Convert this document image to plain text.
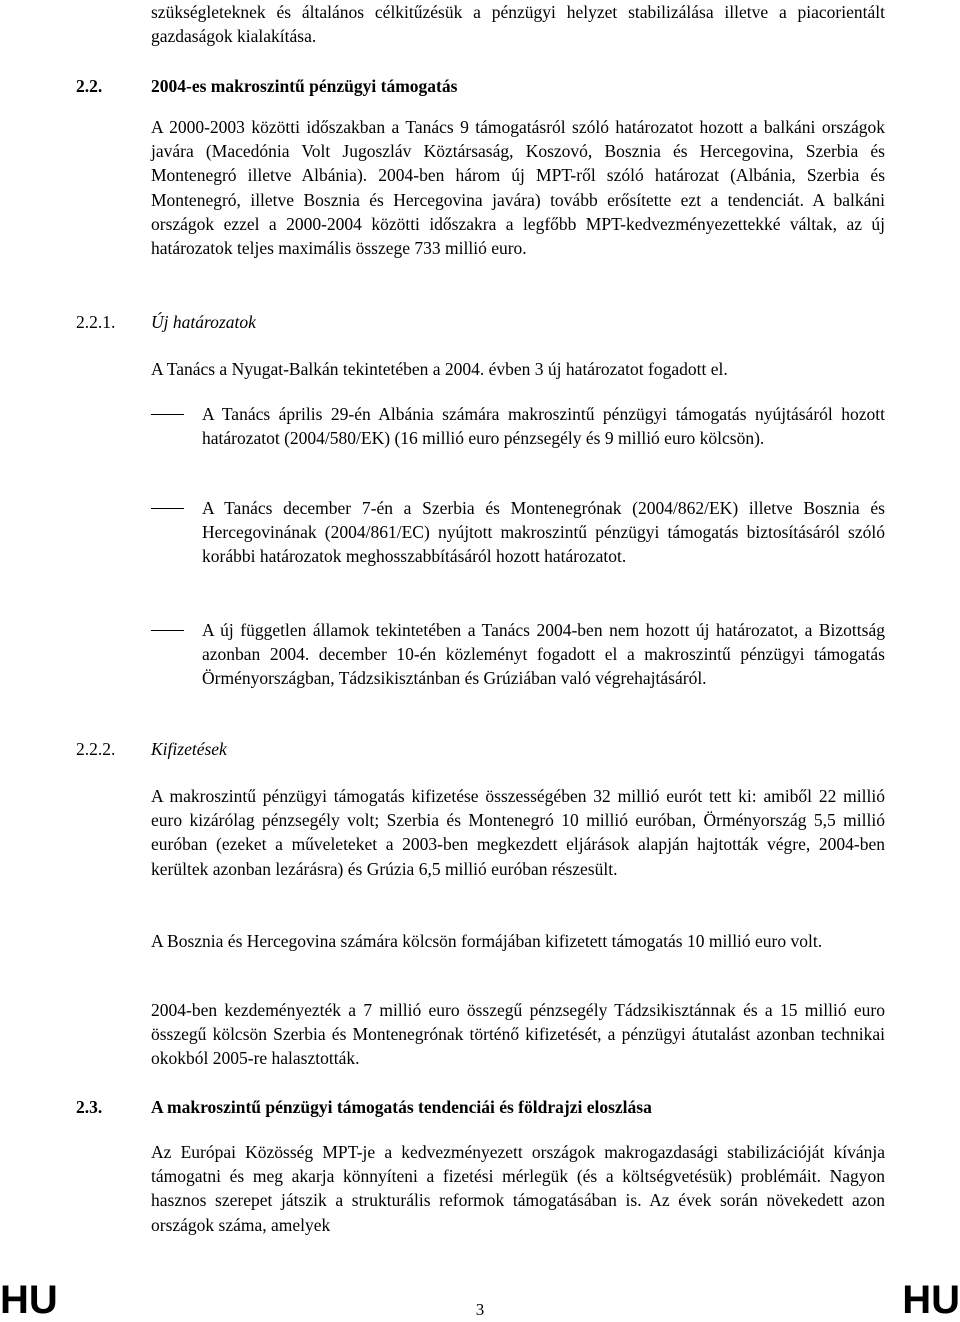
szükségleteknek és általános célkitűzésük a pénzügyi helyzet stabilizálása illetve a piacorientált gazdaságok kialakítása.

2.2.	2004-es makroszintű pénzügyi támogatás

A 2000-2003 közötti időszakban a Tanács 9 támogatásról szóló határozatot hozott a balkáni országok javára (Macedónia Volt Jugoszláv Köztársaság, Koszovó, Bosznia és Hercegovina, Szerbia és Montenegró illetve Albánia). 2004-ben három új MPT-ről szóló határozat (Albánia, Szerbia és Montenegró, illetve Bosznia és Hercegovina javára) tovább erősítette ezt a tendenciát. A balkáni országok ezzel a 2000-2004 közötti időszakra a legfőbb MPT-kedvezményezettekké váltak, az új határozatok teljes maximális összege 733 millió euro.

2.2.1. Új határozatok

A Tanács a Nyugat-Balkán tekintetében a 2004. évben 3 új határozatot fogadott el.

A Tanács április 29-én Albánia számára makroszintű pénzügyi támogatás nyújtásáról hozott határozatot (2004/580/EK) (16 millió euro pénzsegély és 9 millió euro kölcsön).

A Tanács december 7-én a Szerbia és Montenegrónak (2004/862/EK) illetve Bosznia és Hercegovinának (2004/861/EC) nyújtott makroszintű pénzügyi támogatás biztosításáról szóló korábbi határozatok meghosszabbításáról hozott határozatot.

A új független államok tekintetében a Tanács 2004-ben nem hozott új határozatot, a Bizottság azonban 2004. december 10-én közleményt fogadott el a makroszintű pénzügyi támogatás Örményországban, Tádzsikisztánban és Grúziában való végrehajtásáról.

2.2.2. Kifizetések

A makroszintű pénzügyi támogatás kifizetése összességében 32 millió eurót tett ki: amiből 22 millió euro kizárólag pénzsegély volt; Szerbia és Montenegró 10 millió euróban, Örményország 5,5 millió euróban (ezeket a műveleteket a 2003-ben megkezdett eljárások alapján hajtották végre, 2004-ben kerültek azonban lezárásra) és Grúzia 6,5 millió euróban részesült.

A Bosznia és Hercegovina számára kölcsön formájában kifizetett támogatás 10 millió euro volt.

2004-ben kezdeményezték a 7 millió euro összegű pénzsegély Tádzsikisztánnak és a 15 millió euro összegű kölcsön Szerbia és Montenegrónak történő kifizetését, a pénzügyi átutalást azonban technikai okokból 2005-re halasztották.

2.3.	A makroszintű pénzügyi támogatás tendenciái és földrajzi eloszlása

Az Európai Közösség MPT-je a kedvezményezett országok makrogazdasági stabilizációját kívánja támogatni és meg akarja könnyíteni a fizetési mérlegük (és a költségvetésük) problémáit. Nagyon hasznos szerepet játszik a strukturális reformok támogatásában is. Az évek során növekedett azon országok száma, amelyek

HU	3	HU
